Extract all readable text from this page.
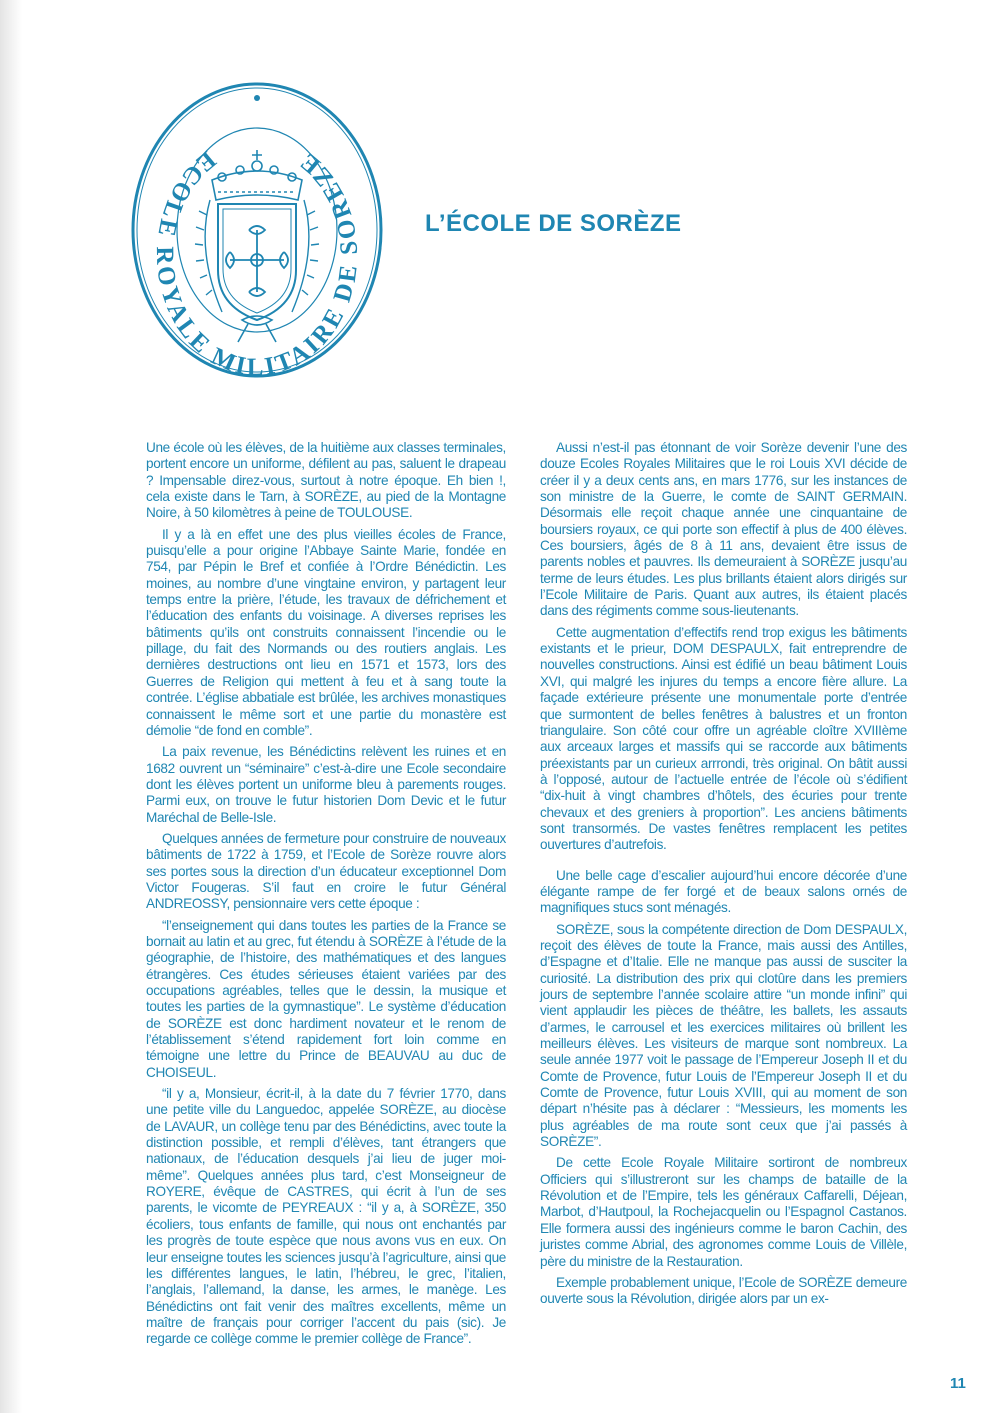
ECOLE ROYALE MILITAIRE DE SOREZE
L’ÉCOLE DE SORÈZE

Une école où les élèves, de la huitième aux classes terminales, portent encore un uniforme, défilent au pas, saluent le drapeau ? Impensable direz-vous, surtout à notre époque. Eh bien !, cela existe dans le Tarn, à SORÈZE, au pied de la Montagne Noire, à 50 kilomètres à peine de TOULOUSE.

Il y a là en effet une des plus vieilles écoles de France, puisqu’elle a pour origine l’Abbaye Sainte Marie, fondée en 754, par Pépin le Bref et confiée à l’Ordre Bénédictin. Les moines, au nombre d’une vingtaine environ, y partagent leur temps entre la prière, l’étude, les travaux de défrichement et l’éducation des enfants du voisinage. A diverses reprises les bâtiments qu’ils ont construits connaissent l’incendie ou le pillage, du fait des Normands ou des routiers anglais. Les dernières destructions ont lieu en 1571 et 1573, lors des Guerres de Religion qui mettent à feu et à sang toute la contrée. L’église abbatiale est brûlée, les archives monastiques connaissent le même sort et une partie du monastère est démolie “de fond en comble”.

La paix revenue, les Bénédictins relèvent les ruines et en 1682 ouvrent un “séminaire” c’est-à-dire une Ecole secondaire dont les élèves portent un uniforme bleu à parements rouges. Parmi eux, on trouve le futur historien Dom Devic et le futur Maréchal de Belle-Isle.

Quelques années de fermeture pour construire de nouveaux bâtiments de 1722 à 1759, et l’Ecole de Sorèze rouvre alors ses portes sous la direction d’un éducateur exceptionnel Dom Victor Fougeras. S’il faut en croire le futur Général ANDREOSSY, pensionnaire vers cette époque :

“l’enseignement qui dans toutes les parties de la France se bornait au latin et au grec, fut étendu à SORÈZE à l’étude de la géographie, de l’histoire, des mathématiques et des langues étrangères. Ces études sérieuses étaient variées par des occupations agréables, telles que le dessin, la musique et toutes les parties de la gymnastique”. Le système d’éducation de SORÈZE est donc hardiment novateur et le renom de l’établissement s’étend rapidement fort loin comme en témoigne une lettre du Prince de BEAUVAU au duc de CHOISEUL.

“il y a, Monsieur, écrit-il, à la date du 7 février 1770, dans une petite ville du Languedoc, appelée SORÈZE, au diocèse de LAVAUR, un collège tenu par des Bénédictins, avec toute la distinction possible, et rempli d’élèves, tant étrangers que nationaux, de l’éducation desquels j’ai lieu de juger moi-même”. Quelques années plus tard, c’est Monseigneur de ROYERE, évêque de CASTRES, qui écrit à l’un de ses parents, le vicomte de PEYREAUX : “il y a, à SORÈZE, 350 écoliers, tous enfants de famille, qui nous ont enchantés par les progrès de toute espèce que nous avons vus en eux. On leur enseigne toutes les sciences jusqu’à l’agriculture, ainsi que les différentes langues, le latin, l’hébreu, le grec, l’italien, l’anglais, l’allemand, la danse, les armes, le manège. Les Bénédictins ont fait venir des maîtres excellents, même un maître de français pour corriger l’accent du pais (sic). Je regarde ce collège comme le premier collège de France”.

Aussi n’est-il pas étonnant de voir Sorèze devenir l’une des douze Ecoles Royales Militaires que le roi Louis XVI décide de créer il y a deux cents ans, en mars 1776, sur les instances de son ministre de la Guerre, le comte de SAINT GERMAIN. Désormais elle reçoit chaque année une cinquantaine de boursiers royaux, ce qui porte son effectif à plus de 400 élèves. Ces boursiers, âgés de 8 à 11 ans, devaient être issus de parents nobles et pauvres. Ils demeuraient à SORÈZE jusqu’au terme de leurs études. Les plus brillants étaient alors dirigés sur l’Ecole Militaire de Paris. Quant aux autres, ils étaient placés dans des régiments comme sous-lieutenants.

Cette augmentation d’effectifs rend trop exigus les bâtiments existants et le prieur, DOM DESPAULX, fait entreprendre de nouvelles constructions. Ainsi est édifié un beau bâtiment Louis XVI, qui malgré les injures du temps a encore fière allure. La façade extérieure présente une monumentale porte d’entrée que surmontent de belles fenêtres à balustres et un fronton triangulaire. Son côté cour offre un agréable cloître XVIIIème aux arceaux larges et massifs qui se raccorde aux bâtiments préexistants par un curieux arrrondi, très original. On bâtit aussi à l’opposé, autour de l’actuelle entrée de l’école où s’édifient “dix-huit à vingt chambres d’hôtels, des écuries pour trente chevaux et des greniers à proportion”. Les anciens bâtiments sont transormés. De vastes fenêtres remplacent les petites ouvertures d’autrefois.

Une belle cage d’escalier aujourd’hui encore décorée d’une élégante rampe de fer forgé et de beaux salons ornés de magnifiques stucs sont ménagés.

SORÈZE, sous la compétente direction de Dom DESPAULX, reçoit des élèves de toute la France, mais aussi des Antilles, d’Espagne et d’Italie. Elle ne manque pas aussi de susciter la curiosité. La distribution des prix qui clotûre dans les premiers jours de septembre l’année scolaire attire “un monde infini” qui vient applaudir les pièces de théâtre, les ballets, les assauts d’armes, le carrousel et les exercices militaires où brillent les meilleurs élèves. Les visiteurs de marque sont nombreux. La seule année 1977 voit le passage de l’Empereur Joseph II et du Comte de Provence, futur Louis de l’Empereur Joseph II et du Comte de Provence, futur Louis XVIII, qui au moment de son départ n’hésite pas à déclarer : “Messieurs, les moments les plus agréables de ma route sont ceux que j’ai passés à SORÈZE”.

De cette Ecole Royale Militaire sortiront de nombreux Officiers qui s’illustreront sur les champs de bataille de la Révolution et de l’Empire, tels les généraux Caffarelli, Déjean, Marbot, d’Hautpoul, la Rochejacquelin ou l’Espagnol Castanos. Elle formera aussi des ingénieurs comme le baron Cachin, des juristes comme Abrial, des agronomes comme Louis de Villèle, père du ministre de la Restauration.

Exemple probablement unique, l’Ecole de SORÈZE demeure ouverte sous la Révolution, dirigée alors par un ex-

11
